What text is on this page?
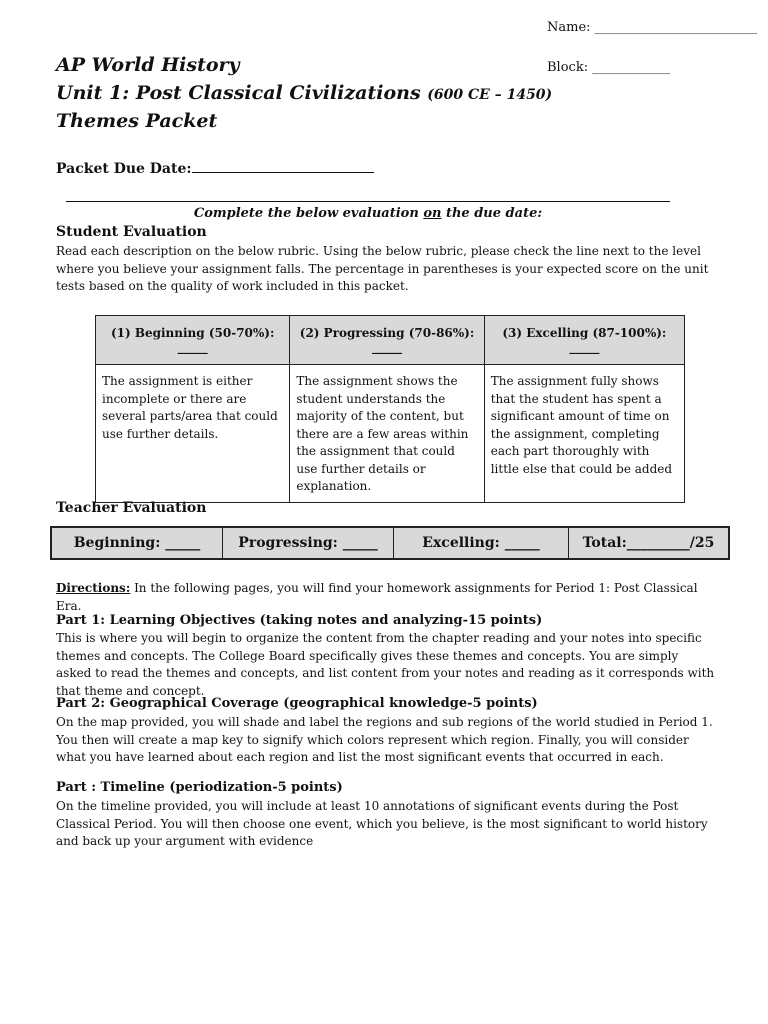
Name: _________________________
Block: ____________
AP World History
Unit 1: Post Classical Civilizations (600 CE – 1450)
Themes Packet
Packet Due Date:
Complete the below evaluation on the due date:
Student Evaluation
Read each description on the below rubric. Using the below rubric, please check the line next to the level where you believe your assignment falls. The percentage in parentheses is your expected score on the unit tests based on the quality of work included in this packet.
(1) Beginning (50-70%): _____	(2) Progressing (70-86%): _____	(3) Excelling (87-100%): _____
The assignment is either incomplete or there are several parts/area that could use further details.	The assignment shows the student understands the majority of the content, but there are a few areas within the assignment that could use further details or explanation.	The assignment fully shows that the student has spent a significant amount of time on the assignment, completing each part thoroughly with little else that could be added
Teacher Evaluation
Beginning: _____	Progressing: _____	Excelling: _____	Total:_________/25
Directions: In the following pages, you will find your homework assignments for Period 1: Post Classical Era.
Part 1: Learning Objectives (taking notes and analyzing-15 points)
This is where you will begin to organize the content from the chapter reading and your notes into specific themes and concepts. The College Board specifically gives these themes and concepts. You are simply asked to read the themes and concepts, and list content from your notes and reading as it corresponds with that theme and concept.
Part 2: Geographical Coverage (geographical knowledge-5 points)
On the map provided, you will shade and label the regions and sub regions of the world studied in Period 1. You then will create a map key to signify which colors represent which region. Finally, you will consider what you have learned about each region and list the most significant events that occurred in each.
Part : Timeline (periodization-5 points)
On the timeline provided, you will include at least 10 annotations of significant events during the Post Classical Period. You will then choose one event, which you believe, is the most significant to world history and back up your argument with evidence
